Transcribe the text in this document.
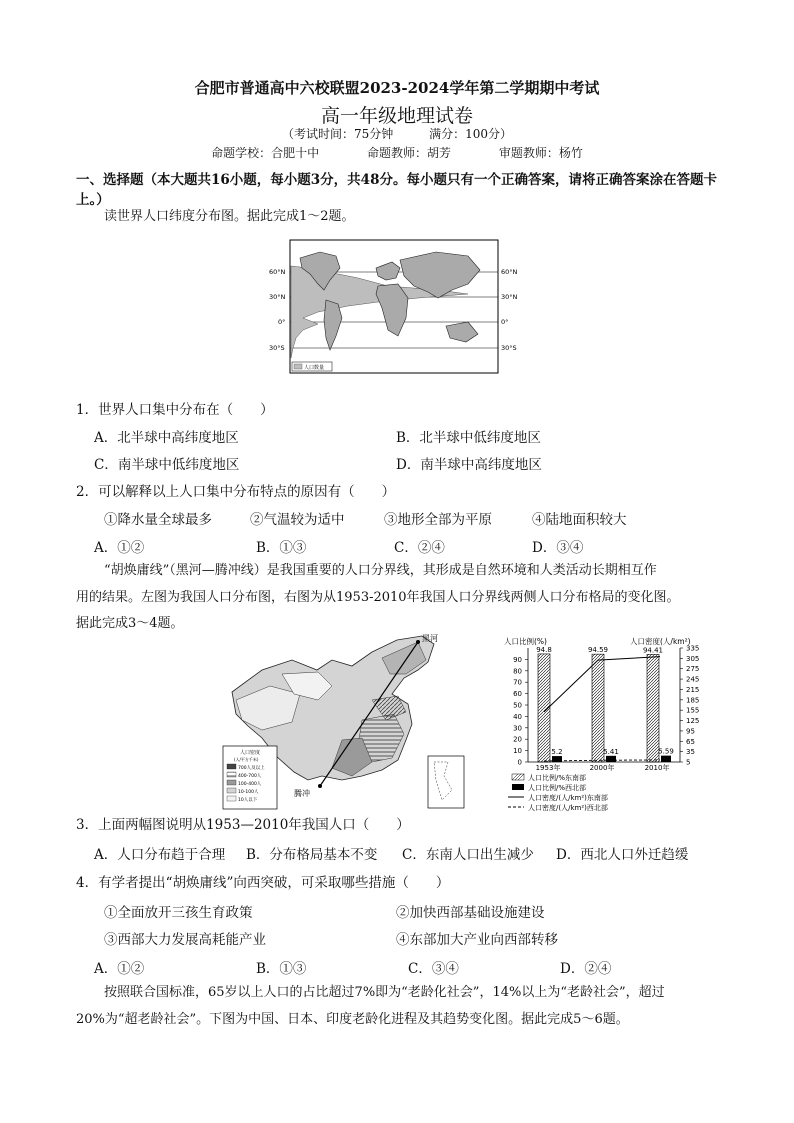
合肥市普通高中六校联盟2023-2024学年第二学期期中考试
高一年级地理试卷
（考试时间：75分钟	满分：100分）
命题学校：合肥十中	命题教师：胡芳	审题教师：杨竹
一、选择题（本大题共16小题，每小题3分，共48分。每小题只有一个正确答案，请将正确答案涂在答题卡上。）
读世界人口纬度分布图。据此完成1～2题。
人口数量
60°N
30°N
0°
30°S
60°N
30°N
0°
30°S
1．世界人口集中分布在（　　）
A．北半球中高纬度地区	B．北半球中低纬度地区
C．南半球中低纬度地区	D．南半球中高纬度地区
2．可以解释以上人口集中分布特点的原因有（　　）
①降水量全球最多	②气温较为适中	③地形全部为平原	④陆地面积较大
A．①②	B．①③	C．②④	D．③④
“胡焕庸线”（黑河—腾冲线）是我国重要的人口分界线，其形成是自然环境和人类活动长期相互作
用的结果。左图为我国人口分布图，右图为从1953-2010年我国人口分界线两侧人口分布格局的变化图。
据此完成3～4题。
黑河
腾冲
人口密度
(人/平方千米)
700人及以上
400-700人
100-400人
10-100人
10人以下
人口比例(%)	人口密度(人/km²)
90
80
70
60
50
40
30
20
10
0
335
305
275
245
215
185
155
125
95
65
35
5
94.8
5.2
94.59
5.41
94.41
5.59
1953年	2000年	2010年
人口比例/%东南部
人口比例/%西北部
人口密度/(人/km²)东南部
人口密度/(人/km²)西北部
3．上面两幅图说明从1953—2010年我国人口（　　）
A．人口分布趋于合理 B．分布格局基本不变 C．东南人口出生减少 D．西北人口外迁趋缓
4．有学者提出“胡焕庸线”向西突破，可采取哪些措施（　　）
①全面放开三孩生育政策	②加快西部基础设施建设
③西部大力发展高耗能产业	④东部加大产业向西部转移
A．①②	B．①③	C．③④	D．②④
按照联合国标准，65岁以上人口的占比超过7%即为“老龄化社会”，14%以上为“老龄社会”，超过
20%为“超老龄社会”。下图为中国、日本、印度老龄化进程及其趋势变化图。据此完成5～6题。
